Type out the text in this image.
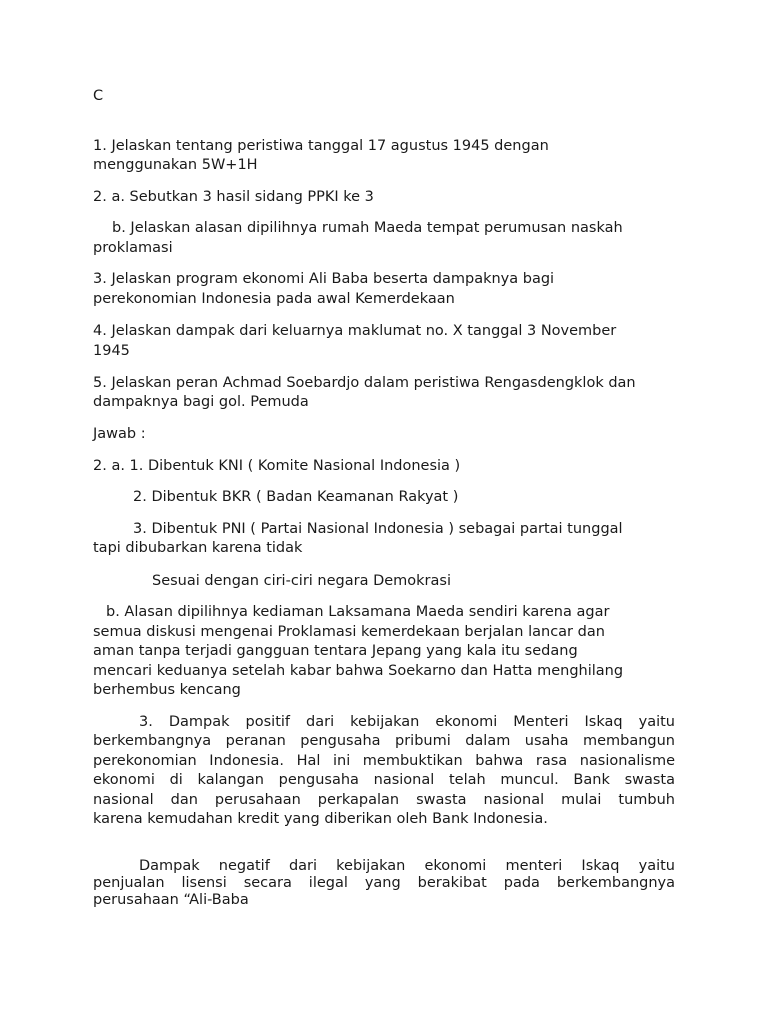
C
1. Jelaskan tentang peristiwa tanggal 17 agustus 1945 dengan
menggunakan 5W+1H
2. a. Sebutkan 3 hasil sidang PPKI ke 3
b. Jelaskan alasan dipilihnya rumah Maeda tempat perumusan naskah
proklamasi
3. Jelaskan program ekonomi Ali Baba beserta dampaknya bagi
perekonomian Indonesia pada awal Kemerdekaan
4. Jelaskan dampak dari keluarnya maklumat no. X tanggal 3 November
1945
5. Jelaskan peran Achmad Soebardjo dalam peristiwa Rengasdengklok dan
dampaknya bagi gol. Pemuda
Jawab :
2. a. 1. Dibentuk KNI ( Komite Nasional Indonesia )
2. Dibentuk BKR ( Badan Keamanan Rakyat )
3. Dibentuk PNI ( Partai Nasional Indonesia ) sebagai partai tunggal
tapi dibubarkan karena tidak
Sesuai dengan ciri-ciri negara Demokrasi
b. Alasan dipilihnya kediaman Laksamana Maeda sendiri karena agar
semua diskusi mengenai Proklamasi kemerdekaan berjalan lancar dan
aman tanpa terjadi gangguan tentara Jepang yang kala itu sedang
mencari keduanya setelah kabar bahwa Soekarno dan Hatta menghilang
berhembus kencang
3. Dampak positif dari kebijakan ekonomi Menteri Iskaq yaitu
berkembangnya peranan pengusaha pribumi dalam usaha membangun
perekonomian Indonesia. Hal ini membuktikan bahwa rasa nasionalisme
ekonomi di kalangan pengusaha nasional telah muncul. Bank swasta
nasional dan perusahaan perkapalan swasta nasional mulai tumbuh
karena kemudahan kredit yang diberikan oleh Bank Indonesia.
Dampak negatif dari kebijakan ekonomi menteri Iskaq yaitu
penjualan lisensi secara ilegal yang berakibat pada berkembangnya
perusahaan “Ali-Baba
